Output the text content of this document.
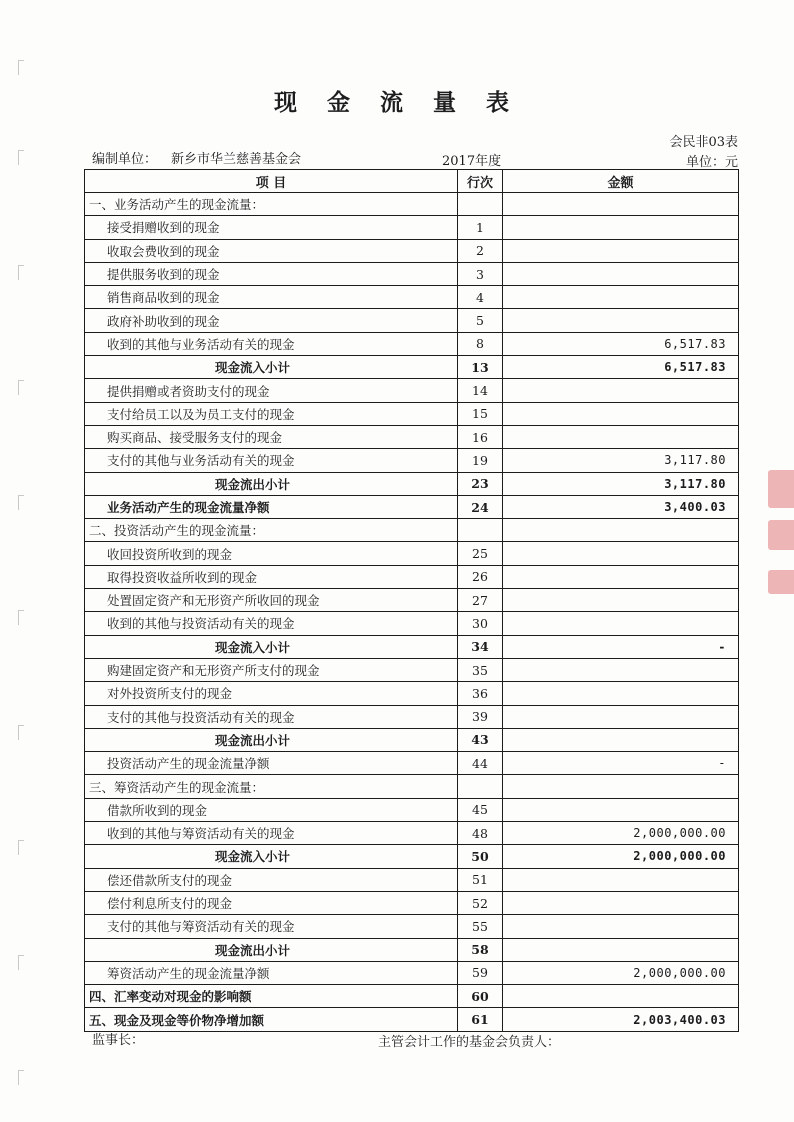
现 金 流 量 表
会民非03表
编制单位： 新乡市华兰慈善基金会	2017年度	单位：元
项 目	行次	金额
一、业务活动产生的现金流量：		
接受捐赠收到的现金	1	
收取会费收到的现金	2	
提供服务收到的现金	3	
销售商品收到的现金	4	
政府补助收到的现金	5	
收到的其他与业务活动有关的现金	8	6,517.83
现金流入小计	13	6,517.83
提供捐赠或者资助支付的现金	14	
支付给员工以及为员工支付的现金	15	
购买商品、接受服务支付的现金	16	
支付的其他与业务活动有关的现金	19	3,117.80
现金流出小计	23	3,117.80
业务活动产生的现金流量净额	24	3,400.03
二、投资活动产生的现金流量：		
收回投资所收到的现金	25	
取得投资收益所收到的现金	26	
处置固定资产和无形资产所收回的现金	27	
收到的其他与投资活动有关的现金	30	
现金流入小计	34	-
购建固定资产和无形资产所支付的现金	35	
对外投资所支付的现金	36	
支付的其他与投资活动有关的现金	39	
现金流出小计	43	
投资活动产生的现金流量净额	44	-
三、筹资活动产生的现金流量：		
借款所收到的现金	45	
收到的其他与筹资活动有关的现金	48	2,000,000.00
现金流入小计	50	2,000,000.00
偿还借款所支付的现金	51	
偿付利息所支付的现金	52	
支付的其他与筹资活动有关的现金	55	
现金流出小计	58	
筹资活动产生的现金流量净额	59	2,000,000.00
四、汇率变动对现金的影响额	60	
五、现金及现金等价物净增加额	61	2,003,400.03
监事长：	主管会计工作的基金会负责人：
